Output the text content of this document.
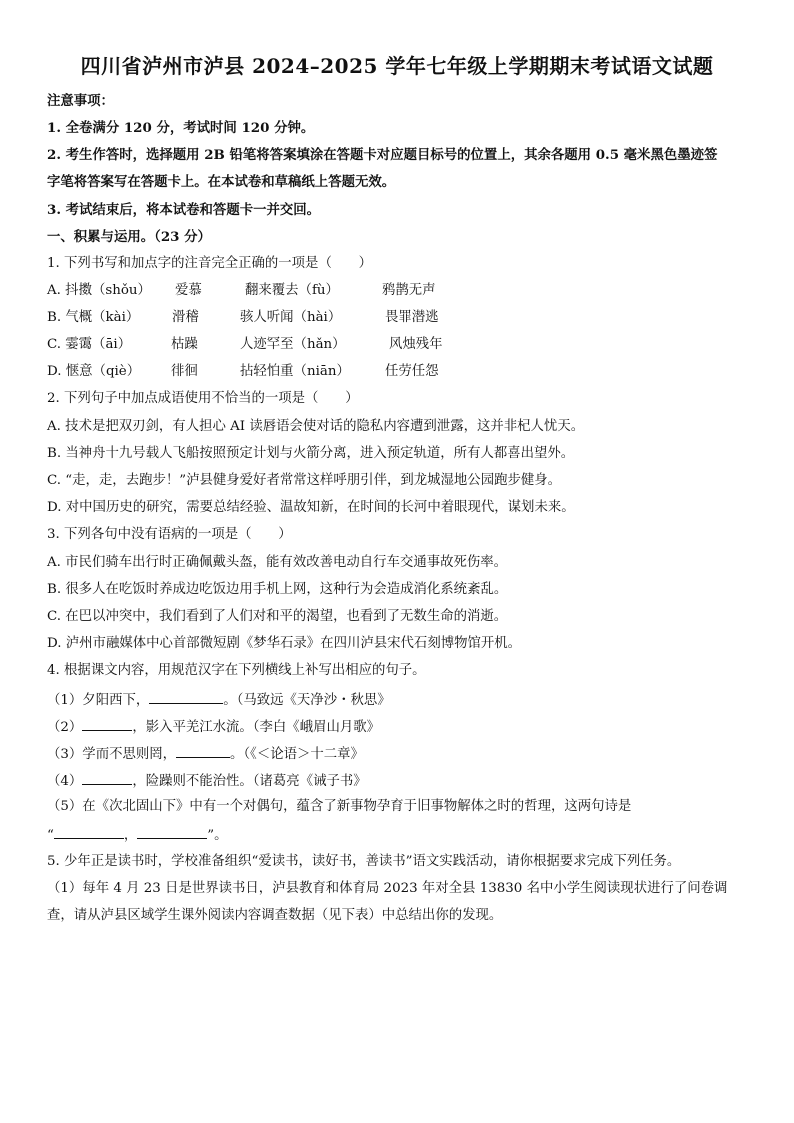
四川省泸州市泸县 2024–2025 学年七年级上学期期末考试语文试题
注意事项：
1. 全卷满分 120 分，考试时间 120 分钟。
2. 考生作答时，选择题用 2B 铅笔将答案填涂在答题卡对应题目标号的位置上，其余各题用 0.5 毫米黑色墨迹签
字笔将答案写在答题卡上。在本试卷和草稿纸上答题无效。
3. 考试结束后，将本试卷和答题卡一并交回。
一、积累与运用。（23 分）
1. 下列书写和加点字的注音完全正确的一项是（　　）
A. 抖擞（shǒu） 爱慕	翻来覆去（fù）	鸦鹊无声
B. 气概（kài） 滑稽	骇人听闻（hài）	畏罪潜逃
C. 霎霭（āi）	枯躁	人迹罕至（hǎn）	风烛残年
D. 惬意（qiè） 徘徊	拈轻怕重（niān）	任劳任怨
2. 下列句子中加点成语使用不恰当的一项是（　　）
A. 技术是把双刃剑，有人担心 AI 读唇语会使对话的隐私内容遭到泄露，这并非杞人忧天。
B. 当神舟十九号载人飞船按照预定计划与火箭分离，进入预定轨道，所有人都喜出望外。
C. “走，走，去跑步！”泸县健身爱好者常常这样呼朋引伴，到龙城湿地公园跑步健身。
D. 对中国历史的研究，需要总结经验、温故知新，在时间的长河中着眼现代，谋划未来。
3. 下列各句中没有语病的一项是（　　）
A. 市民们骑车出行时正确佩戴头盔，能有效改善电动自行车交通事故死伤率。
B. 很多人在吃饭时养成边吃饭边用手机上网，这种行为会造成消化系统紊乱。
C. 在巴以冲突中，我们看到了人们对和平的渴望，也看到了无数生命的消逝。
D. 泸州市融媒体中心首部微短剧《梦华石录》在四川泸县宋代石刻博物馆开机。
4. 根据课文内容，用规范汉字在下列横线上补写出相应的句子。
（1）夕阳西下，	。（马致远《天净沙・秋思》
（2）	，影入平羌江水流。（李白《峨眉山月歌》
（3）学而不思则罔，	。（《＜论语＞十二章》
（4）	，险躁则不能治性。（诸葛亮《诫子书》
（5）在《次北固山下》中有一个对偶句，蕴含了新事物孕育于旧事物解体之时的哲理，这两句诗是
“	，	”。
5. 少年正是读书时，学校准备组织“爱读书，读好书，善读书”语文实践活动，请你根据要求完成下列任务。
（1）每年 4 月 23 日是世界读书日，泸县教育和体育局 2023 年对全县 13830 名中小学生阅读现状进行了问卷调
查，请从泸县区域学生课外阅读内容调查数据（见下表）中总结出你的发现。
